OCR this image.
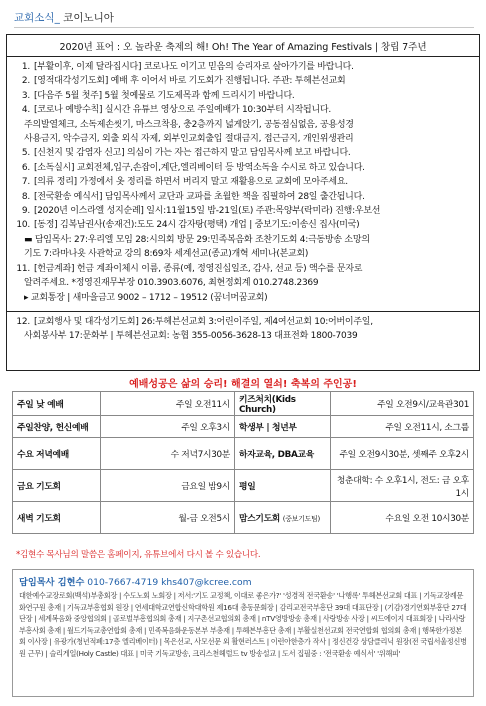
교회소식_ 코이노니아
2020년 표어 : 오 놀라운 축제의 해! Oh! The Year of Amazing Festivals | 창립 7주년
1. [부활이후, 이제 달라집시다] 코로나도 이기고 믿음의 승리자로 살아가기를 바랍니다.
2. [영적대각성기도회] 예배 후 이어서 바로 기도회가 진행됩니다. 주관: 투헤븐선교회
3. [다음주 5월 첫주] 5월 첫예물로 기도제목과 함께 드리시기 바랍니다.
4. [코로나 예방수칙] 실시간 유튜브 영상으로 주일예배가 10:30부터 시작됩니다.
주의발열체크, 소독제손씻기, 마스크착용, 충2층까지 넓게앉기, 공동점심없음, 공용성경
사용금지, 악수금지, 외출 외식 자제, 외부인교회출입 절대금지, 접근금지, 개인위생관리
5. [신천지 및 감염자 신고] 의심이 가는 자는 접근하지 말고 담임목사께 보고 바랍니다.
6. [소독실시] 교회전체,입구,손잡이,계단,엘리베이터 등 방역소독을 수시로 하고 있습니다.
7. [의류 정리] 가정에서 옷 정리를 하면서 버리지 말고 재활용으로 교회에 모아주세요.
8. [전국환송 예식서] 담임목사께서 교단과 교파를 초월한 책을 집필하여 28일 출간됩니다.
9. [2020년 이스라엘 성지순례] 일시:11월15일 밤-21일(토) 주관:목양부(락미라) 진행:우보선
10. [동정] 김복남권사(송재건):도도 24시 감자탕(평택) 개업 | 중보기도:이송신 집사(미국)
▬ 담임목사: 27:우리엘 모임 28:시의회 방문 29:민족복음화 조찬기도회 4:극동방송 소망의
기도 7:라마나욧 사관학교 강의 8:69차 세계선교(종교)개혁 세미나(본교회)
11. [헌금계좌] 헌금 계좌이체시 이름, 종류(예, 정영진십일조, 감사, 선교 등) 액수를 문자로
알려주세요. *정영진재무부장 010.3903.6076, 최현정회계 010.2748.2369
▸ 교회통장 | 새마을금고 9002 – 1712 – 19512 (꿈너머꿈교회)
12. [교회행사 및 대각성기도회] 26:투헤븐선교회 3:어린이주일, 제4여선교회 10:어버이주일,
사회봉사부 17:문화부 | 투헤븐선교회: 농협 355-0056-3628-13 대표전화 1800-7039
예배성공은 삶의 승리! 해결의 열쇠! 축복의 주인공!
주일 낮 예배	주일 오전11시	키즈처치(Kids Church)	주일 오전9시/교육관301
주일찬양, 헌신예배	주일 오후3시	학생부 | 청년부	주일 오전11시, 소그룹
수요 저녁예배	수 저녁7시30분	하자교육, DBA교육	주일 오전9시30분, 셋째주 오후2시
금요 기도회	금요일 밤9시	평일	청춘대학: 수 오후1시, 전도: 금 오후1시
새벽 기도회	월-금 오전5시	맘스기도회 (중보기도팀)	수요일 오전 10시30분
*김현수 목사님의 말씀은 홈페이지, 유튜브에서 다시 볼 수 있습니다.
담임목사 김현수 010-7667-4719 khs407@kcree.com
대한예수교장로회(백석)부총회장 | 수도노회 노회장 | 저서:'기도 교정책, 이대로 좋은가?' '성경적 전국환송' '나행록' 투헤븐선교회 대표 | 기독교장례문화연구원 총재 | 기독교부흥협회 원장 | 연세대학교연합신학대학원 제16대 총동문회장 | 감리교전국부흥단 39대 대표단장 | (기감)경기연회부흥단 27대 단장 | 세계복음화 중앙협의회 | 골로벌부흥협의회 총재 | 지구촌선교협의회 총재 | nTV영방방송 총재 | 사랑방송 사장 | 씨드에이지 대표회장 | 나라사랑부흥사회 총재 | 월드기독교총연합회 총재 | 민족복음화운동본부 부총재 | 투헤븐부흥단 총재 | 부활실천선교회 전국연합회 협의회 총재 | 행복한가정본회 이사장 | 유광가(청년적폐:17층 엘리베이터) | 목은선교, 사모선문 외 활현러스트 | 이런아한층가 작사 | 정신건강 상담클리닉 원장(전 국립서울정신병원 근무) | 슬리게일(Holy Castle) 대표 | 미국 기독교방송, 크리스천헤럴드 tv 방송설교 | 도서 집필중 : '전국환송 예식서' '위해피'
